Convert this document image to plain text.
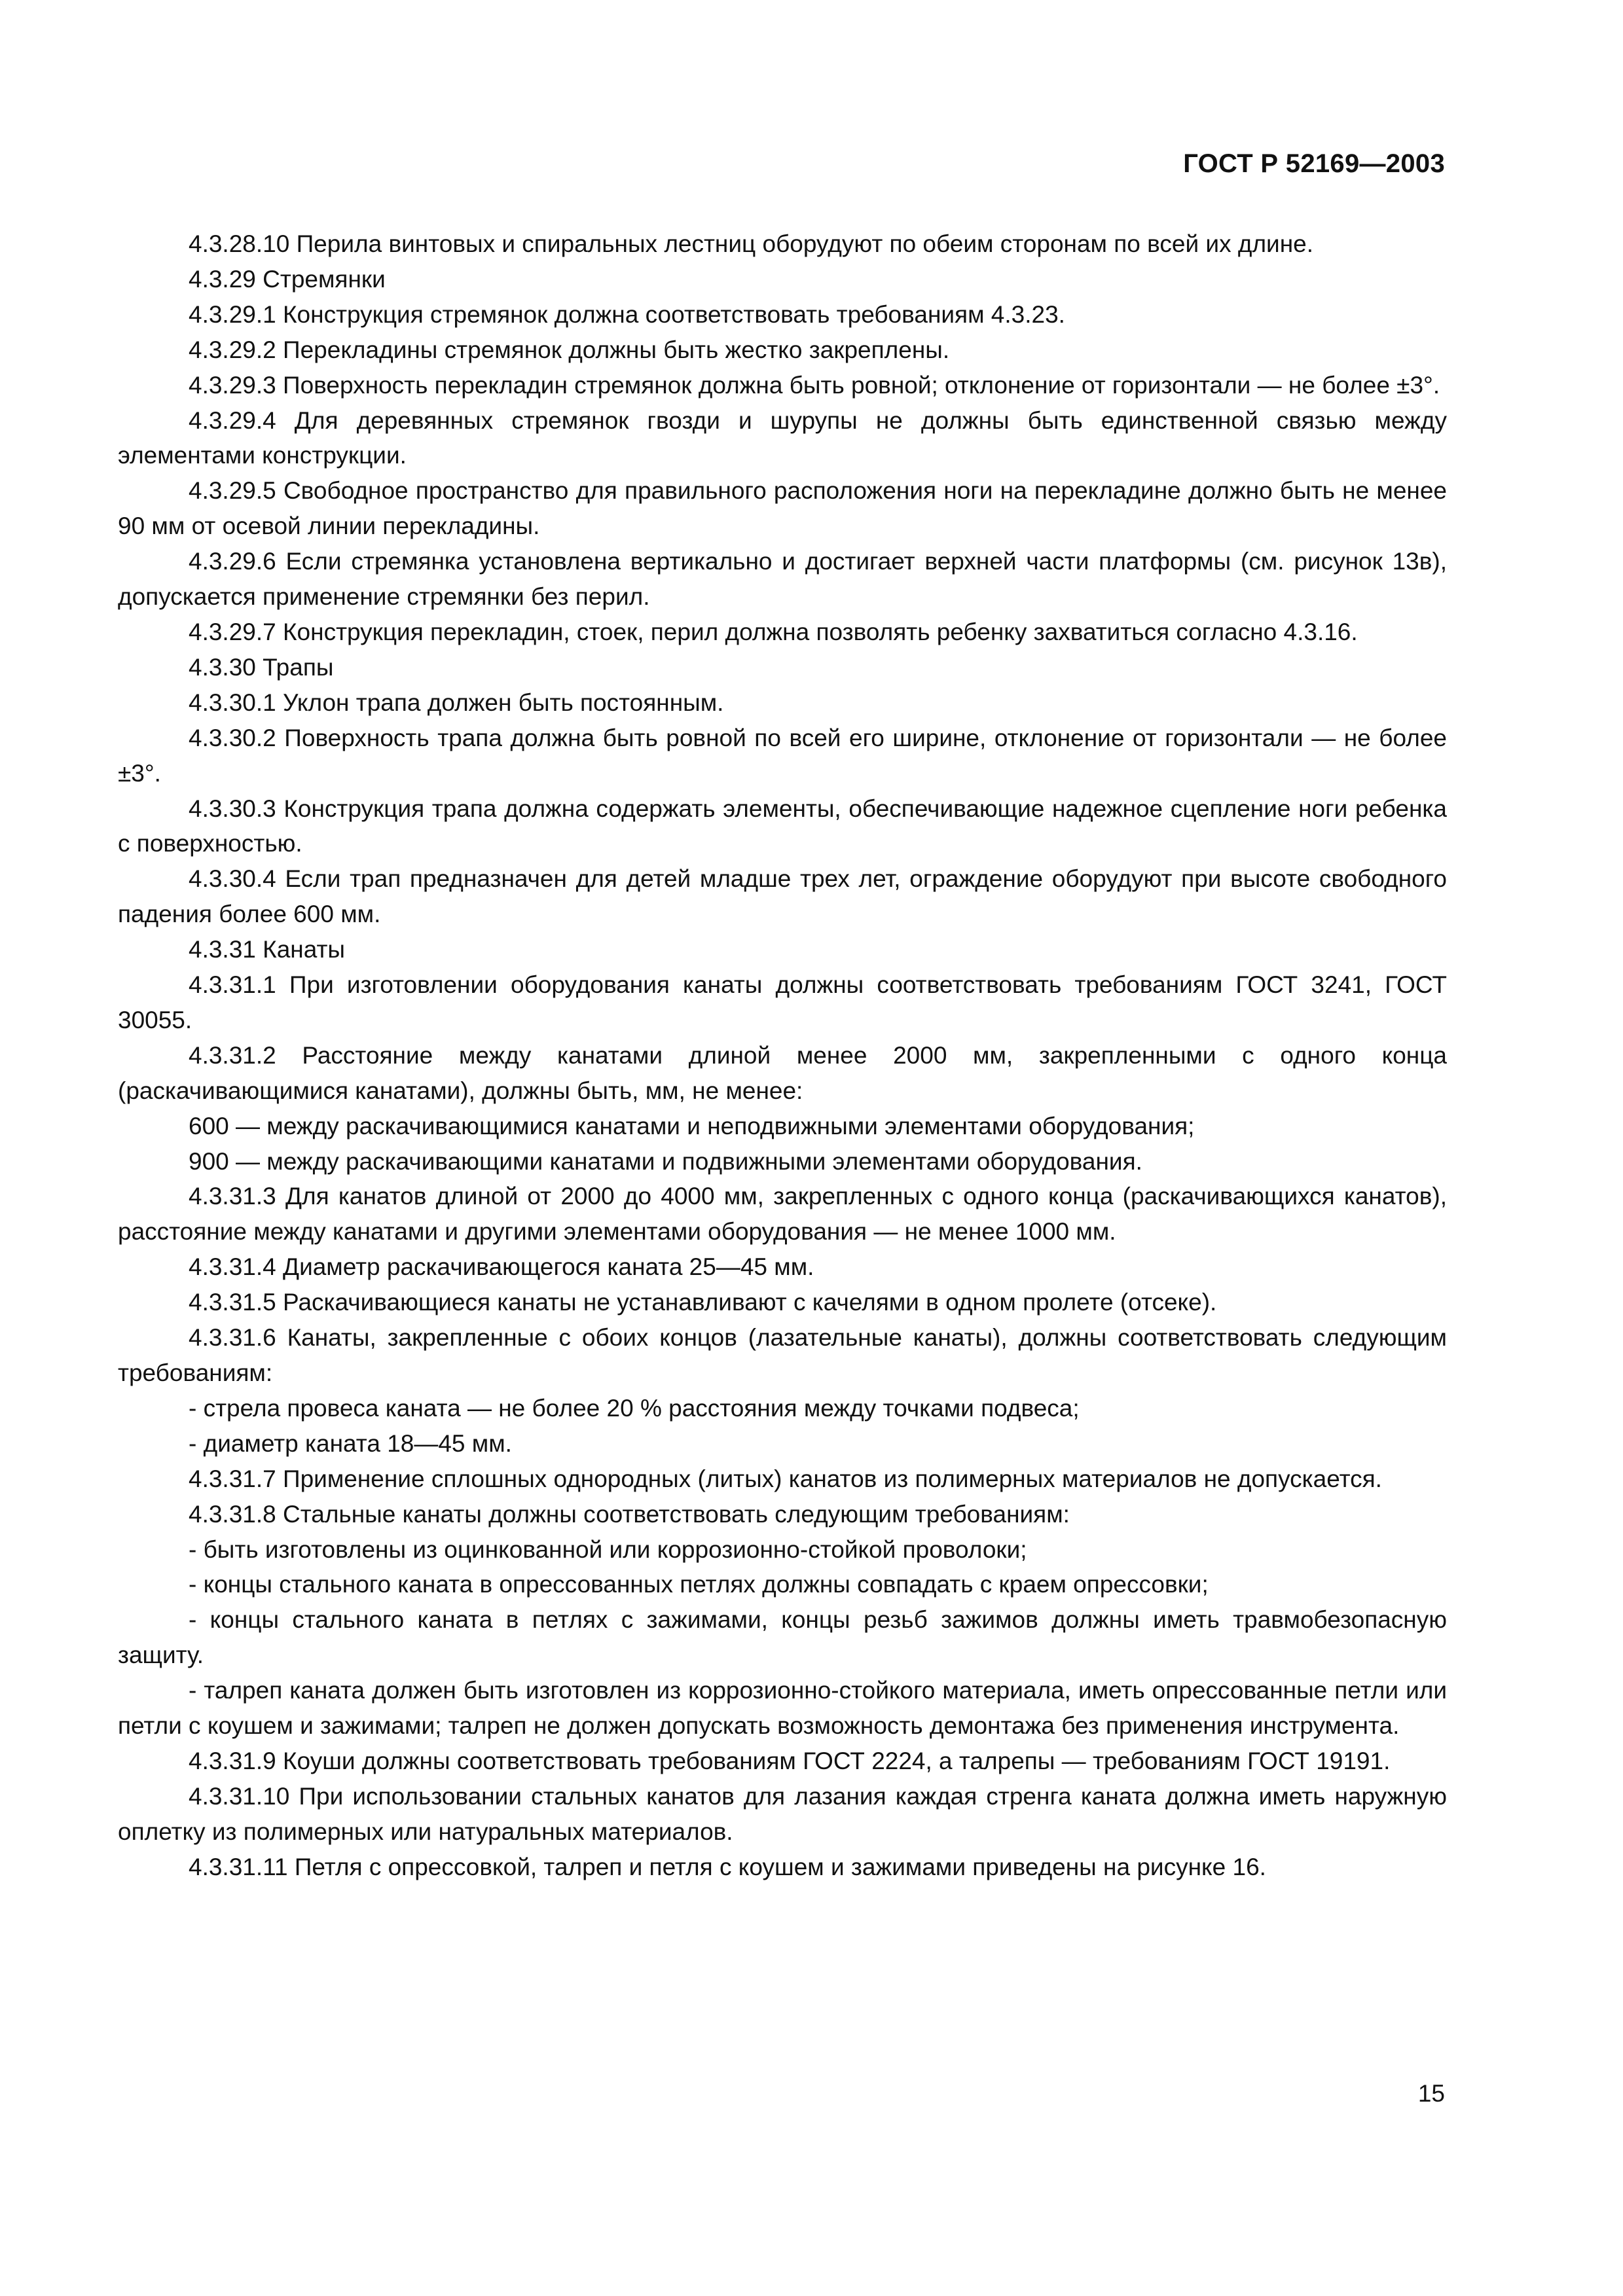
ГОСТ Р 52169—2003

4.3.28.10 Перила винтовых и спиральных лестниц оборудуют по обеим сторонам по всей их длине.

4.3.29 Стремянки

4.3.29.1 Конструкция стремянок должна соответствовать требованиям 4.3.23.

4.3.29.2 Перекладины стремянок должны быть жестко закреплены.

4.3.29.3 Поверхность перекладин стремянок должна быть ровной; отклонение от горизонтали — не более ±3°.

4.3.29.4 Для деревянных стремянок гвозди и шурупы не должны быть единственной связью между элементами конструкции.

4.3.29.5 Свободное пространство для правильного расположения ноги на перекладине должно быть не менее 90 мм от осевой линии перекладины.

4.3.29.6 Если стремянка установлена вертикально и достигает верхней части платформы (см. рисунок 13в), допускается применение стремянки без перил.

4.3.29.7 Конструкция перекладин, стоек, перил должна позволять ребенку захватиться согласно 4.3.16.

4.3.30 Трапы

4.3.30.1 Уклон трапа должен быть постоянным.

4.3.30.2 Поверхность трапа должна быть ровной по всей его ширине, отклонение от горизонтали — не более ±3°.

4.3.30.3 Конструкция трапа должна содержать элементы, обеспечивающие надежное сцепление ноги ребенка с поверхностью.

4.3.30.4 Если трап предназначен для детей младше трех лет, ограждение оборудуют при высоте свободного падения более 600 мм.

4.3.31 Канаты

4.3.31.1 При изготовлении оборудования канаты должны соответствовать требованиям ГОСТ 3241, ГОСТ 30055.

4.3.31.2 Расстояние между канатами длиной менее 2000 мм, закрепленными с одного конца (раскачивающимися канатами), должны быть, мм, не менее:

600 — между раскачивающимися канатами и неподвижными элементами оборудования;

900 — между раскачивающими канатами и подвижными элементами оборудования.

4.3.31.3 Для канатов длиной от 2000 до 4000 мм, закрепленных с одного конца (раскачивающихся канатов), расстояние между канатами и другими элементами оборудования — не менее 1000 мм.

4.3.31.4 Диаметр раскачивающегося каната 25—45 мм.

4.3.31.5 Раскачивающиеся канаты не устанавливают с качелями в одном пролете (отсеке).

4.3.31.6 Канаты, закрепленные с обоих концов (лазательные канаты), должны соответствовать следующим требованиям:

- стрела провеса каната — не более 20 % расстояния между точками подвеса;

- диаметр каната 18—45 мм.

4.3.31.7 Применение сплошных однородных (литых) канатов из полимерных материалов не допускается.

4.3.31.8 Стальные канаты должны соответствовать следующим требованиям:

- быть изготовлены из оцинкованной или коррозионно-стойкой проволоки;

- концы стального каната в опрессованных петлях должны совпадать с краем опрессовки;

- концы стального каната в петлях с зажимами, концы резьб зажимов должны иметь травмобезопасную защиту.

- талреп каната должен быть изготовлен из коррозионно-стойкого материала, иметь опрессованные петли или петли с коушем и зажимами; талреп не должен допускать возможность демонтажа без применения инструмента.

4.3.31.9 Коуши должны соответствовать требованиям ГОСТ 2224, а талрепы — требованиям ГОСТ 19191.

4.3.31.10 При использовании стальных канатов для лазания каждая стренга каната должна иметь наружную оплетку из полимерных или натуральных материалов.

4.3.31.11 Петля с опрессовкой, талреп и петля с коушем и зажимами приведены на рисунке 16.

15
